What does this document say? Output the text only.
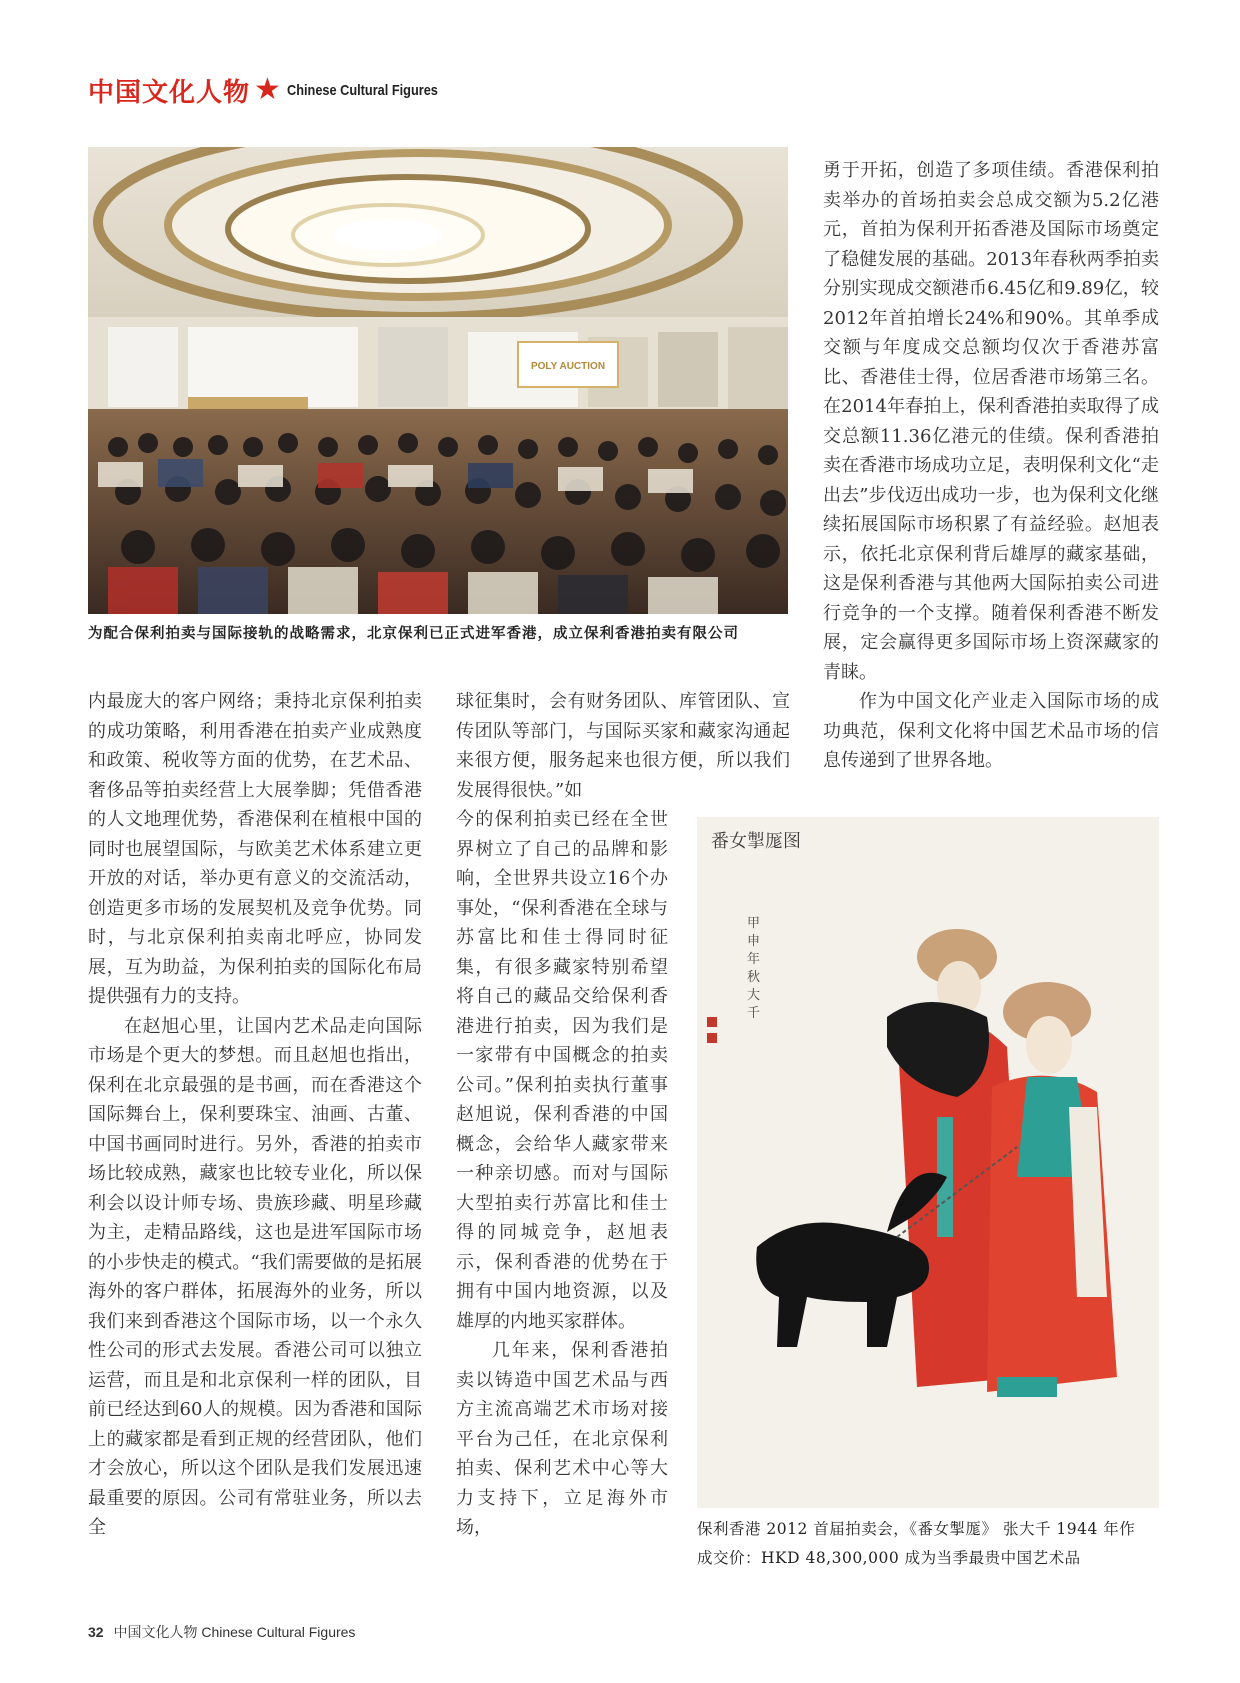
中国文化人物 ★ Chinese Cultural Figures
POLY AUCTION
为配合保利拍卖与国际接轨的战略需求，北京保利已正式进军香港，成立保利香港拍卖有限公司

内最庞大的客户网络；秉持北京保利拍卖的成功策略，利用香港在拍卖产业成熟度和政策、税收等方面的优势，在艺术品、奢侈品等拍卖经营上大展拳脚；凭借香港的人文地理优势，香港保利在植根中国的同时也展望国际，与欧美艺术体系建立更开放的对话，举办更有意义的交流活动，创造更多市场的发展契机及竞争优势。同时，与北京保利拍卖南北呼应，协同发展，互为助益，为保利拍卖的国际化布局提供强有力的支持。

在赵旭心里，让国内艺术品走向国际市场是个更大的梦想。而且赵旭也指出，保利在北京最强的是书画，而在香港这个国际舞台上，保利要珠宝、油画、古董、中国书画同时进行。另外，香港的拍卖市场比较成熟，藏家也比较专业化，所以保利会以设计师专场、贵族珍藏、明星珍藏为主，走精品路线，这也是进军国际市场的小步快走的模式。“我们需要做的是拓展海外的客户群体，拓展海外的业务，所以我们来到香港这个国际市场，以一个永久性公司的形式去发展。香港公司可以独立运营，而且是和北京保利一样的团队，目前已经达到60人的规模。因为香港和国际上的藏家都是看到正规的经营团队，他们才会放心，所以这个团队是我们发展迅速最重要的原因。公司有常驻业务，所以去全

球征集时，会有财务团队、库管团队、宣传团队等部门，与国际买家和藏家沟通起来很方便，服务起来也很方便，所以我们发展得很快。”如

今的保利拍卖已经在全世界树立了自己的品牌和影响，全世界共设立16个办事处，“保利香港在全球与苏富比和佳士得同时征集，有很多藏家特别希望将自己的藏品交给保利香港进行拍卖，因为我们是一家带有中国概念的拍卖公司。”保利拍卖执行董事赵旭说，保利香港的中国概念，会给华人藏家带来一种亲切感。而对与国际大型拍卖行苏富比和佳士得的同城竞争，赵旭表示，保利香港的优势在于拥有中国内地资源，以及雄厚的内地买家群体。

几年来，保利香港拍卖以铸造中国艺术品与西方主流高端艺术市场对接平台为己任，在北京保利拍卖、保利艺术中心等大力支持下，立足海外市场，

勇于开拓，创造了多项佳绩。香港保利拍卖举办的首场拍卖会总成交额为5.2亿港元，首拍为保利开拓香港及国际市场奠定了稳健发展的基础。2013年春秋两季拍卖分别实现成交额港币6.45亿和9.89亿，较2012年首拍增长24%和90%。其单季成交额与年度成交总额均仅次于香港苏富比、香港佳士得，位居香港市场第三名。在2014年春拍上，保利香港拍卖取得了成交总额11.36亿港元的佳绩。保利香港拍卖在香港市场成功立足，表明保利文化“走出去”步伐迈出成功一步，也为保利文化继续拓展国际市场积累了有益经验。赵旭表示，依托北京保利背后雄厚的藏家基础，这是保利香港与其他两大国际拍卖公司进行竞争的一个支撑。随着保利香港不断发展，定会赢得更多国际市场上资深藏家的青睐。

作为中国文化产业走入国际市场的成功典范，保利文化将中国艺术品市场的信息传递到了世界各地。

番女掣厖图
甲
申
年
秋
大
千
保利香港 2012 首届拍卖会，《番女掣厖》 张大千 1944 年作
成交价：HKD 48,300,000 成为当季最贵中国艺术品
32 中国文化人物 Chinese Cultural Figures
